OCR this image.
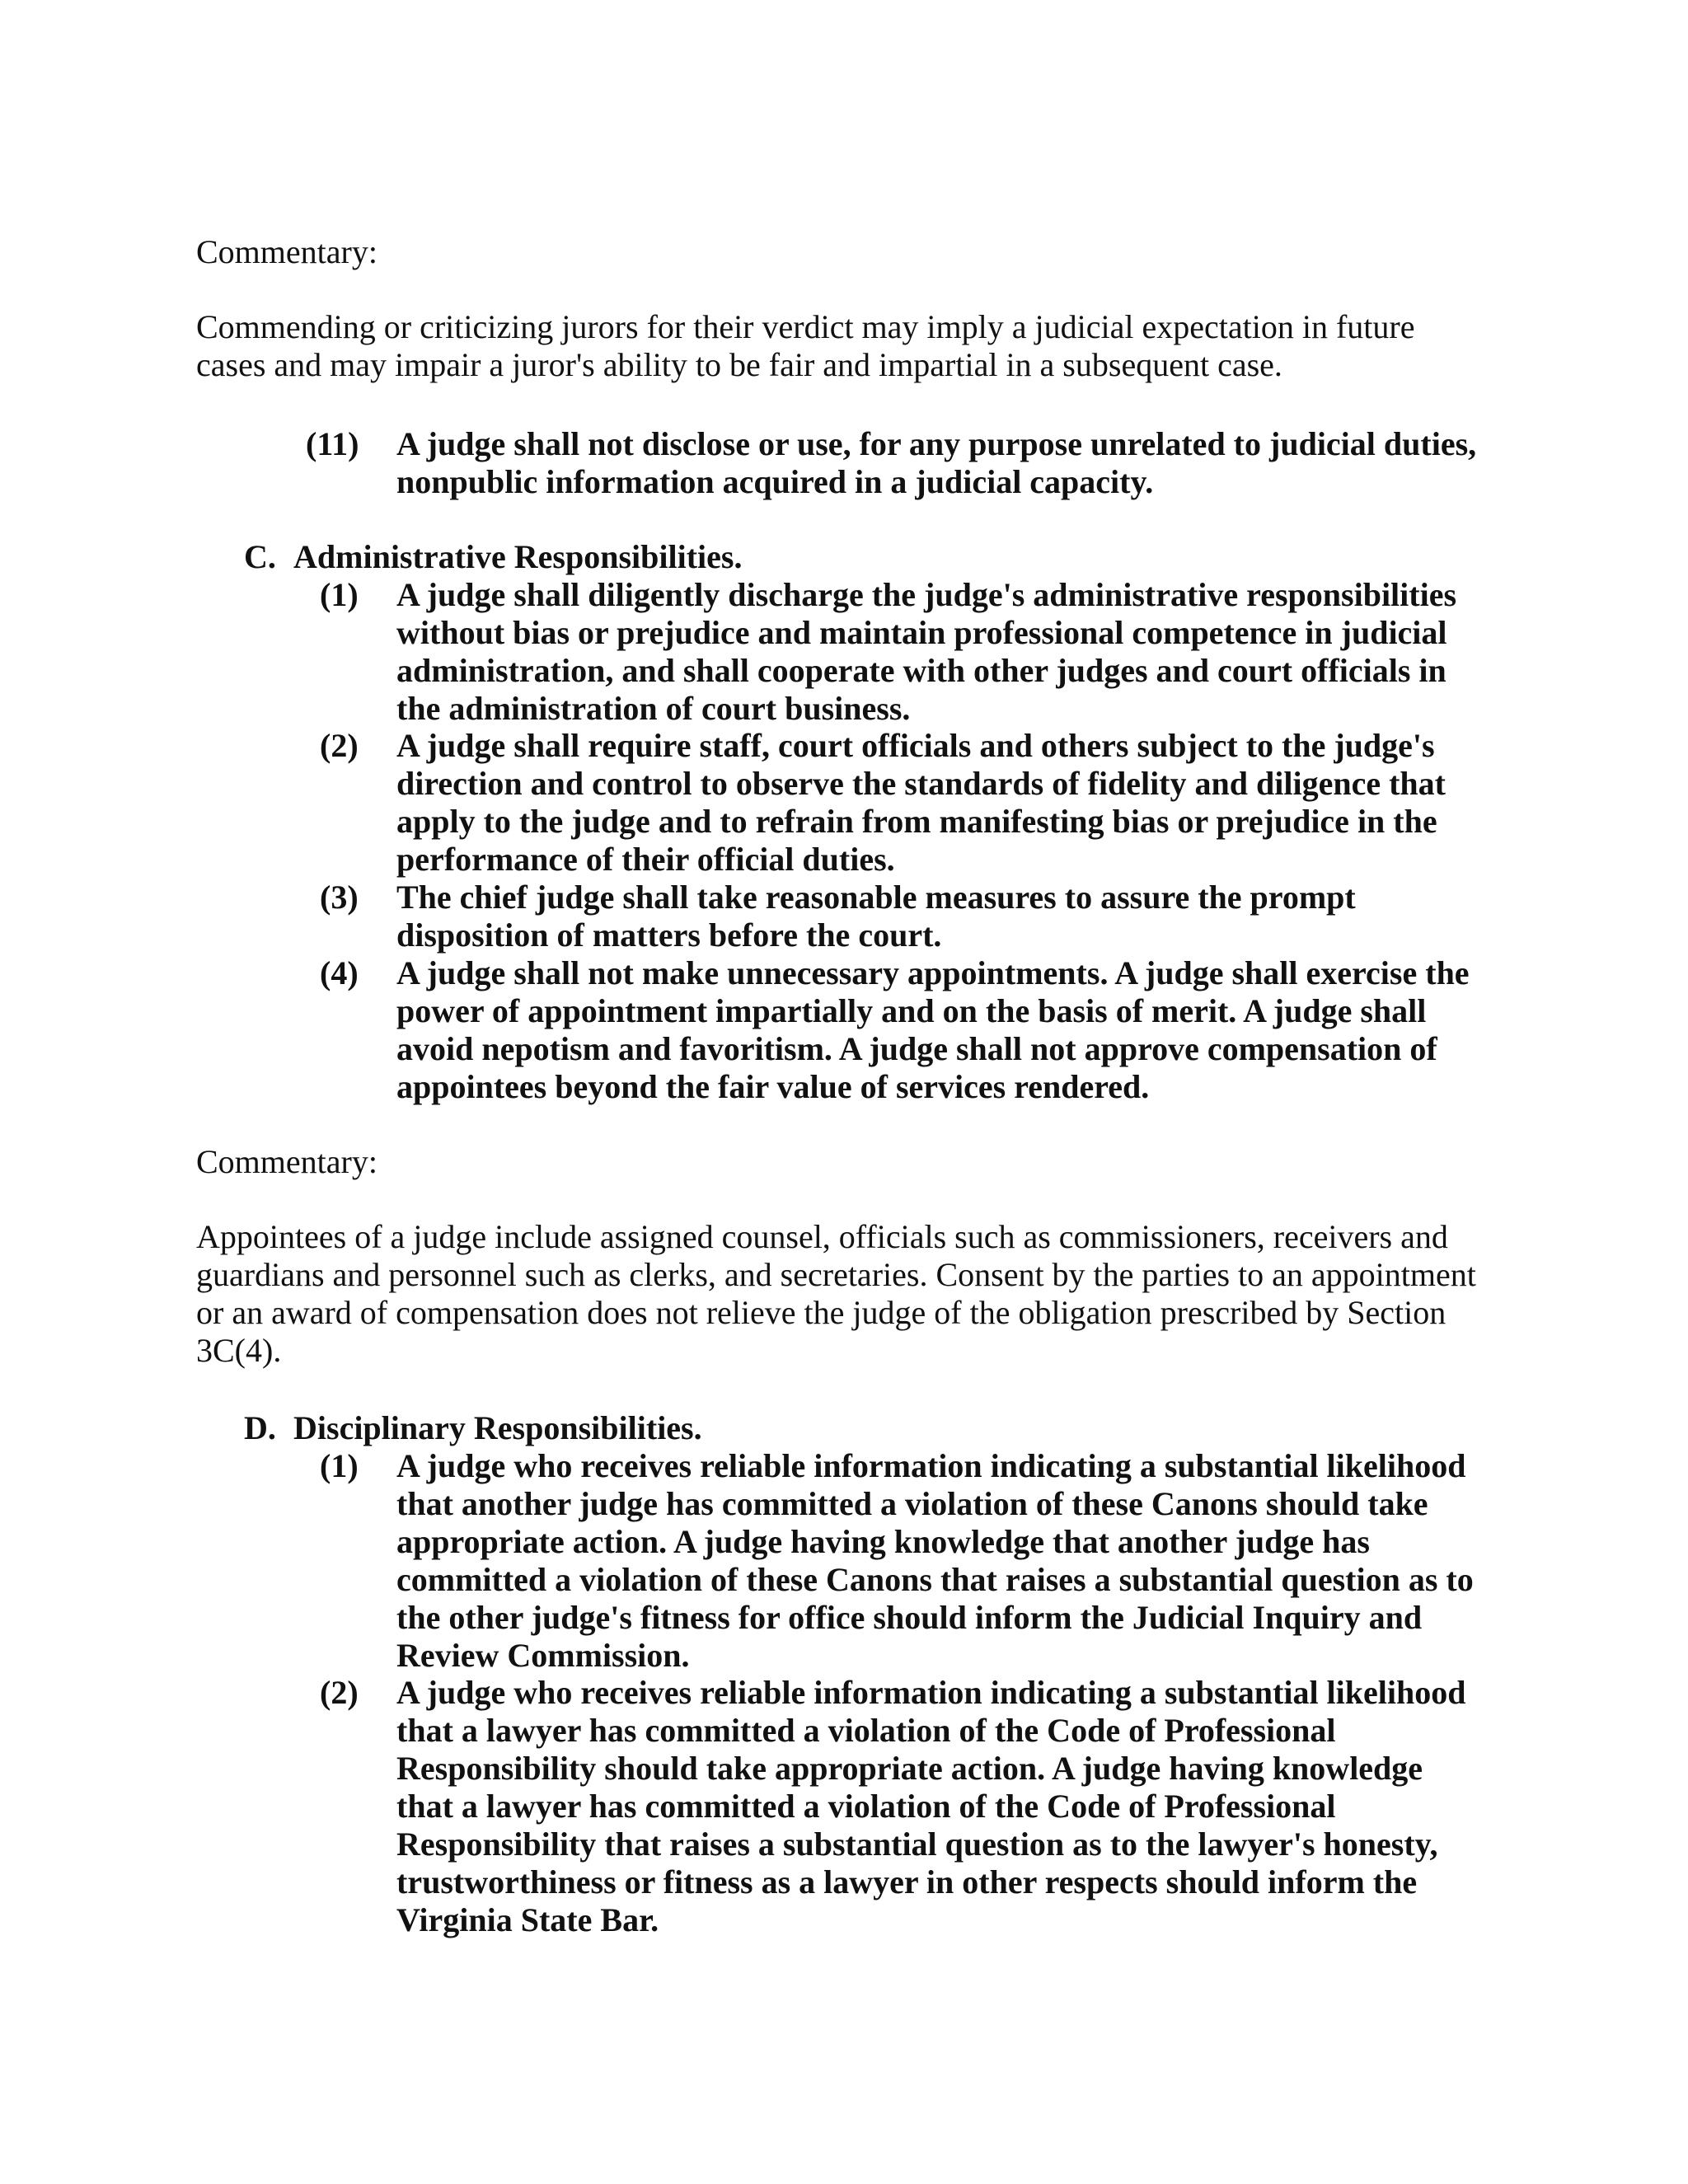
Commentary:
Commending or criticizing jurors for their verdict may imply a judicial expectation in future
cases and may impair a juror's ability to be fair and impartial in a subsequent case.
(11) A judge shall not disclose or use, for any purpose unrelated to judicial duties,
nonpublic information acquired in a judicial capacity.
C. Administrative Responsibilities.
(1) A judge shall diligently discharge the judge's administrative responsibilities
without bias or prejudice and maintain professional competence in judicial
administration, and shall cooperate with other judges and court officials in
the administration of court business.
(2) A judge shall require staff, court officials and others subject to the judge's
direction and control to observe the standards of fidelity and diligence that
apply to the judge and to refrain from manifesting bias or prejudice in the
performance of their official duties.
(3) The chief judge shall take reasonable measures to assure the prompt
disposition of matters before the court.
(4) A judge shall not make unnecessary appointments. A judge shall exercise the
power of appointment impartially and on the basis of merit. A judge shall
avoid nepotism and favoritism. A judge shall not approve compensation of
appointees beyond the fair value of services rendered.
Commentary:
Appointees of a judge include assigned counsel, officials such as commissioners, receivers and
guardians and personnel such as clerks, and secretaries. Consent by the parties to an appointment
or an award of compensation does not relieve the judge of the obligation prescribed by Section
3C(4).
D. Disciplinary Responsibilities.
(1) A judge who receives reliable information indicating a substantial likelihood
that another judge has committed a violation of these Canons should take
appropriate action. A judge having knowledge that another judge has
committed a violation of these Canons that raises a substantial question as to
the other judge's fitness for office should inform the Judicial Inquiry and
Review Commission.
(2) A judge who receives reliable information indicating a substantial likelihood
that a lawyer has committed a violation of the Code of Professional
Responsibility should take appropriate action. A judge having knowledge
that a lawyer has committed a violation of the Code of Professional
Responsibility that raises a substantial question as to the lawyer's honesty,
trustworthiness or fitness as a lawyer in other respects should inform the
Virginia State Bar.
